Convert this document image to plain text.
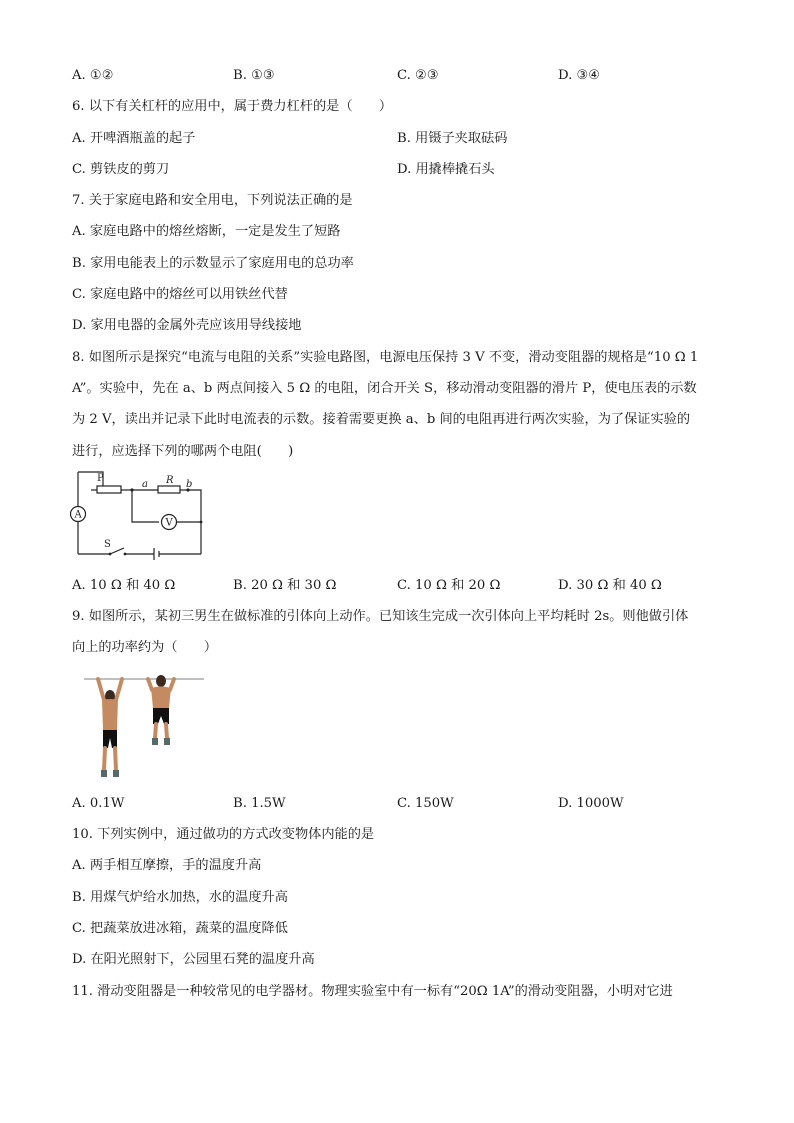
A. ①②	B. ①③	C. ②③	D. ③④
6. 以下有关杠杆的应用中，属于费力杠杆的是（　　）
A. 开啤酒瓶盖的起子	B. 用镊子夹取砝码
C. 剪铁皮的剪刀	D. 用撬棒撬石头
7. 关于家庭电路和安全用电，下列说法正确的是
A. 家庭电路中的熔丝熔断，一定是发生了短路
B. 家用电能表上的示数显示了家庭用电的总功率
C. 家庭电路中的熔丝可以用铁丝代替
D. 家用电器的金属外壳应该用导线接地
8. 如图所示是探究“电流与电阻的关系”实验电路图，电源电压保持 3 V 不变，滑动变阻器的规格是“10 Ω 1
A”。实验中，先在 a、b 两点间接入 5 Ω 的电阻，闭合开关 S，移动滑动变阻器的滑片 P，使电压表的示数
为 2 V，读出并记录下此时电流表的示数。接着需要更换 a、b 间的电阻再进行两次实验，为了保证实验的
进行，应选择下列的哪两个电阻(　　)
P
a R b
A
V
S
A. 10 Ω 和 40 Ω	B. 20 Ω 和 30 Ω	C. 10 Ω 和 20 Ω	D. 30 Ω 和 40 Ω
9. 如图所示，某初三男生在做标准的引体向上动作。已知该生完成一次引体向上平均耗时 2s。则他做引体
向上的功率约为（　　）
A. 0.1W	B. 1.5W	C. 150W	D. 1000W
10. 下列实例中，通过做功的方式改变物体内能的是
A. 两手相互摩擦，手的温度升高
B. 用煤气炉给水加热，水的温度升高
C. 把蔬菜放进冰箱，蔬菜的温度降低
D. 在阳光照射下，公园里石凳的温度升高
11. 滑动变阻器是一种较常见的电学器材。物理实验室中有一标有“20Ω 1A”的滑动变阻器，小明对它进
